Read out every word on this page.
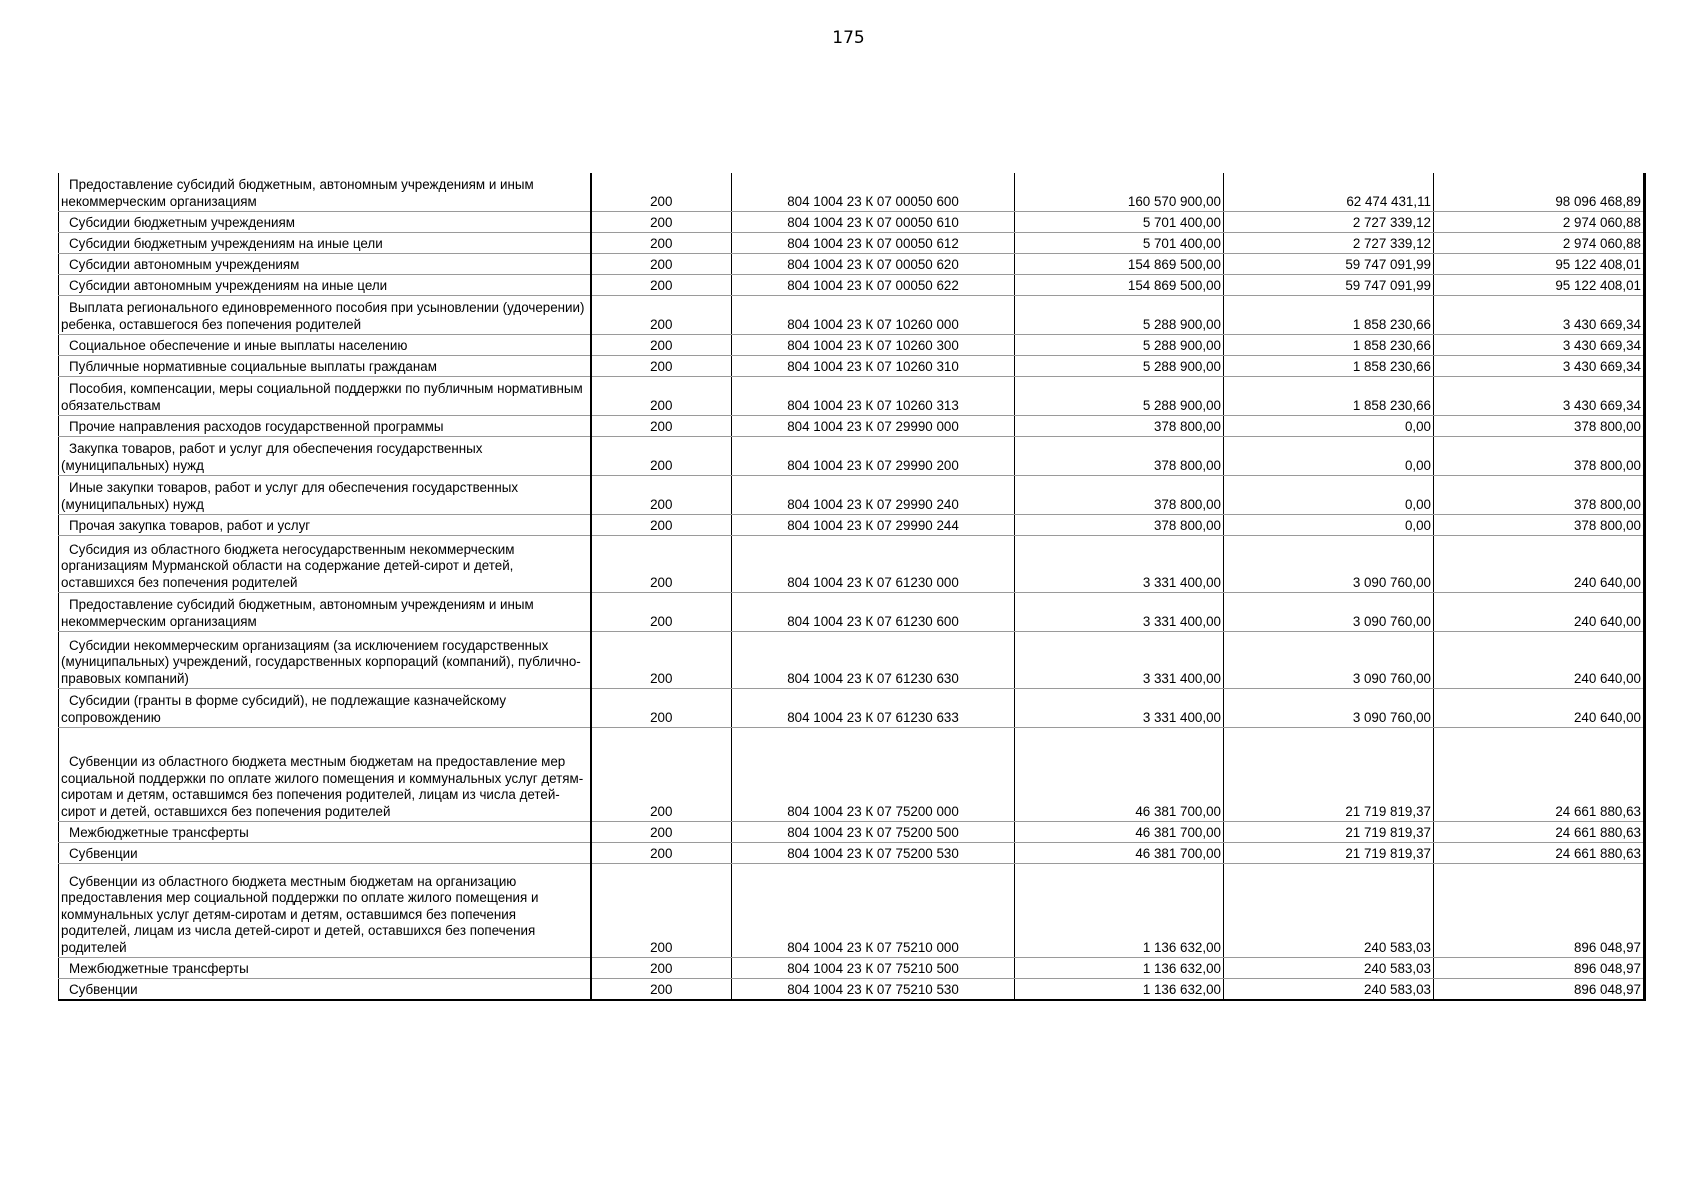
175
Предоставление субсидий бюджетным, автономным учреждениям и иным некоммерческим организациям	200	804 1004 23 К 07 00050 600	160 570 900,00	62 474 431,11	98 096 468,89
Субсидии бюджетным учреждениям	200	804 1004 23 К 07 00050 610	5 701 400,00	2 727 339,12	2 974 060,88
Субсидии бюджетным учреждениям на иные цели	200	804 1004 23 К 07 00050 612	5 701 400,00	2 727 339,12	2 974 060,88
Субсидии автономным учреждениям	200	804 1004 23 К 07 00050 620	154 869 500,00	59 747 091,99	95 122 408,01
Субсидии автономным учреждениям на иные цели	200	804 1004 23 К 07 00050 622	154 869 500,00	59 747 091,99	95 122 408,01
Выплата регионального единовременного пособия при усыновлении (удочерении) ребенка, оставшегося без попечения родителей	200	804 1004 23 К 07 10260 000	5 288 900,00	1 858 230,66	3 430 669,34
Социальное обеспечение и иные выплаты населению	200	804 1004 23 К 07 10260 300	5 288 900,00	1 858 230,66	3 430 669,34
Публичные нормативные социальные выплаты гражданам	200	804 1004 23 К 07 10260 310	5 288 900,00	1 858 230,66	3 430 669,34
Пособия, компенсации, меры социальной поддержки по публичным нормативным обязательствам	200	804 1004 23 К 07 10260 313	5 288 900,00	1 858 230,66	3 430 669,34
Прочие направления расходов государственной программы	200	804 1004 23 К 07 29990 000	378 800,00	0,00	378 800,00
Закупка товаров, работ и услуг для обеспечения государственных (муниципальных) нужд	200	804 1004 23 К 07 29990 200	378 800,00	0,00	378 800,00
Иные закупки товаров, работ и услуг для обеспечения государственных (муниципальных) нужд	200	804 1004 23 К 07 29990 240	378 800,00	0,00	378 800,00
Прочая закупка товаров, работ и услуг	200	804 1004 23 К 07 29990 244	378 800,00	0,00	378 800,00
Субсидия из областного бюджета негосударственным некоммерческим организациям Мурманской области на содержание детей-сирот и детей, оставшихся без попечения родителей	200	804 1004 23 К 07 61230 000	3 331 400,00	3 090 760,00	240 640,00
Предоставление субсидий бюджетным, автономным учреждениям и иным некоммерческим организациям	200	804 1004 23 К 07 61230 600	3 331 400,00	3 090 760,00	240 640,00
Субсидии некоммерческим организациям (за исключением государственных (муниципальных) учреждений, государственных корпораций (компаний), публично-правовых компаний)	200	804 1004 23 К 07 61230 630	3 331 400,00	3 090 760,00	240 640,00
Субсидии (гранты в форме субсидий), не подлежащие казначейскому сопровождению	200	804 1004 23 К 07 61230 633	3 331 400,00	3 090 760,00	240 640,00
Субвенции из областного бюджета местным бюджетам на предоставление мер социальной поддержки по оплате жилого помещения и коммунальных услуг детям-сиротам и детям, оставшимся без попечения родителей, лицам из числа детей-сирот и детей, оставшихся без попечения родителей	200	804 1004 23 К 07 75200 000	46 381 700,00	21 719 819,37	24 661 880,63
Межбюджетные трансферты	200	804 1004 23 К 07 75200 500	46 381 700,00	21 719 819,37	24 661 880,63
Субвенции	200	804 1004 23 К 07 75200 530	46 381 700,00	21 719 819,37	24 661 880,63
Субвенции из областного бюджета местным бюджетам на организацию предоставления мер социальной поддержки по оплате жилого помещения и коммунальных услуг детям-сиротам и детям, оставшимся без попечения родителей, лицам из числа детей-сирот и детей, оставшихся без попечения родителей	200	804 1004 23 К 07 75210 000	1 136 632,00	240 583,03	896 048,97
Межбюджетные трансферты	200	804 1004 23 К 07 75210 500	1 136 632,00	240 583,03	896 048,97
Субвенции	200	804 1004 23 К 07 75210 530	1 136 632,00	240 583,03	896 048,97
